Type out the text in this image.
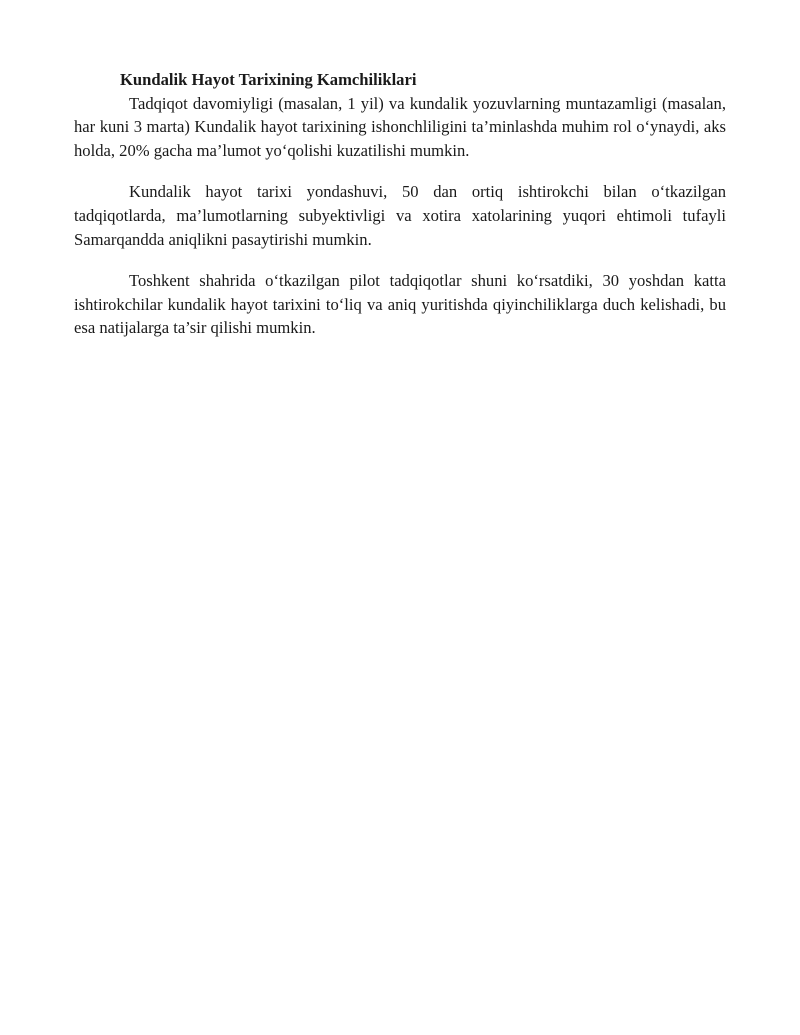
Kundalik Hayot Tarixining Kamchiliklari

Tadqiqot davomiyligi (masalan, 1 yil) va kundalik yozuvlarning muntazamligi (masalan, har kuni 3 marta) Kundalik hayot tarixining ishonchliligini ta’minlashda muhim rol oʻynaydi, aks holda, 20% gacha ma’lumot yoʻqolishi kuzatilishi mumkin.

Kundalik hayot tarixi yondashuvi, 50 dan ortiq ishtirokchi bilan oʻtkazilgan tadqiqotlarda, ma’lumotlarning subyektivligi va xotira xatolarining yuqori ehtimoli tufayli Samarqandda aniqlikni pasaytirishi mumkin.

Toshkent shahrida oʻtkazilgan pilot tadqiqotlar shuni koʻrsatdiki, 30 yoshdan katta ishtirokchilar kundalik hayot tarixini toʻliq va aniq yuritishda qiyinchiliklarga duch kelishadi, bu esa natijalarga ta’sir qilishi mumkin.
